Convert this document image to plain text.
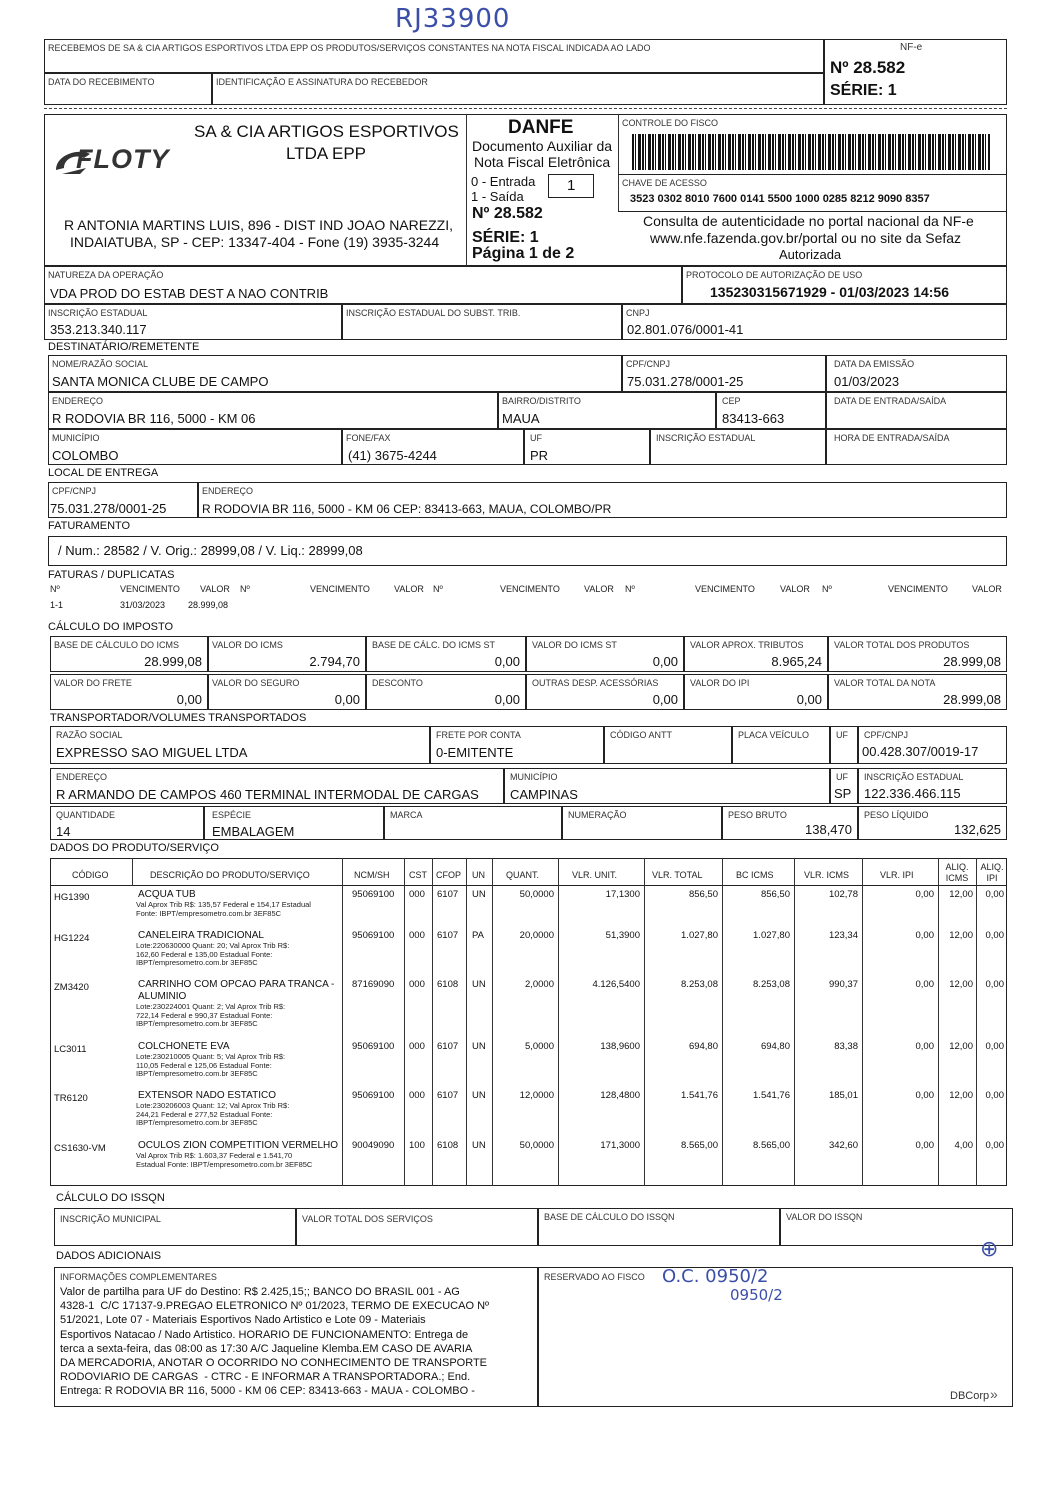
RJ33900
RECEBEMOS DE SA & CIA ARTIGOS ESPORTIVOS LTDA EPP OS PRODUTOS/SERVIÇOS CONSTANTES NA NOTA FISCAL INDICADA AO LADO
DATA DO RECEBIMENTO	IDENTIFICAÇÃO E ASSINATURA DO RECEBEDOR
NF-e
Nº 28.582
SÉRIE: 1
FLOTY
SA & CIA ARTIGOS ESPORTIVOS
LTDA EPP
R ANTONIA MARTINS LUIS, 896 - DIST IND JOAO NAREZZI,
INDAIATUBA, SP - CEP: 13347-404 - Fone (19) 3935-3244
DANFE
Documento Auxiliar da
Nota Fiscal Eletrônica
0 - Entrada
1 - Saída
1
Nº 28.582
SÉRIE: 1
Página 1 de 2
CONTROLE DO FISCO
CHAVE DE ACESSO
3523 0302 8010 7600 0141 5500 1000 0285 8212 9090 8357
Consulta de autenticidade no portal nacional da NF-e
www.nfe.fazenda.gov.br/portal ou no site da Sefaz
Autorizada
NATUREZA DA OPERAÇÃO
VDA PROD DO ESTAB DEST A NAO CONTRIB
PROTOCOLO DE AUTORIZAÇÃO DE USO
135230315671929 - 01/03/2023 14:56
INSCRIÇÃO ESTADUAL
353.213.340.117
INSCRIÇÃO ESTADUAL DO SUBST. TRIB.	CNPJ
02.801.076/0001-41
DESTINATÁRIO/REMETENTE
NOME/RAZÃO SOCIAL
SANTA MONICA CLUBE DE CAMPO
CPF/CNPJ
75.031.278/0001-25
DATA DA EMISSÃO
01/03/2023
ENDEREÇO
R RODOVIA BR 116, 5000 - KM 06
BAIRRO/DISTRITO
MAUA
CEP
83413-663
DATA DE ENTRADA/SAÍDA
MUNICÍPIO
COLOMBO
FONE/FAX
(41) 3675-4244
UF
PR
INSCRIÇÃO ESTADUAL	HORA DE ENTRADA/SAÍDA
LOCAL DE ENTREGA
CPF/CNPJ
75.031.278/0001-25
ENDEREÇO
R RODOVIA BR 116, 5000 - KM 06 CEP: 83413-663, MAUA, COLOMBO/PR
FATURAMENTO
/ Num.: 28582 / V. Orig.: 28999,08 / V. Liq.: 28999,08
FATURAS / DUPLICATAS
Nº	VENCIMENTO VALOR Nº	VENCIMENTO	VALOR Nº	VENCIMENTO	VALOR Nº	VENCIMENTO	VALOR Nº	VENCIMENTO	VALOR
1-1	31/03/2023	28.999,08
CÁLCULO DO IMPOSTO
BASE DE CÁLCULO DO ICMS
28.999,08
VALOR DO ICMS
2.794,70
BASE DE CÁLC. DO ICMS ST
0,00
VALOR DO ICMS ST
0,00
VALOR APROX. TRIBUTOS
8.965,24
VALOR TOTAL DOS PRODUTOS
28.999,08
VALOR DO FRETE
0,00
VALOR DO SEGURO
0,00
DESCONTO
0,00
OUTRAS DESP. ACESSÓRIAS
0,00
VALOR DO IPI
0,00
VALOR TOTAL DA NOTA
28.999,08
TRANSPORTADOR/VOLUMES TRANSPORTADOS
RAZÃO SOCIAL
EXPRESSO SAO MIGUEL LTDA
FRETE POR CONTA
0-EMITENTE
CÓDIGO ANTT	PLACA VEÍCULO	UF CPF/CNPJ
00.428.307/0019-17
ENDEREÇO
R ARMANDO DE CAMPOS 460 TERMINAL INTERMODAL DE CARGAS
MUNICÍPIO
CAMPINAS
UF
SP
INSCRIÇÃO ESTADUAL
122.336.466.115
QUANTIDADE
14
ESPÉCIE
EMBALAGEM
MARCA	NUMERAÇÃO	PESO BRUTO
138,470
PESO LÍQUIDO
132,625
DADOS DO PRODUTO/SERVIÇO
CÓDIGO	DESCRIÇÃO DO PRODUTO/SERVIÇO	NCM/SH CST CFOP UN QUANT.	VLR. UNIT.	VLR. TOTAL	BC ICMS	VLR. ICMS	VLR. IPI
ALIQ. ICMS
ALIQ. IPI
HG1390	ACQUA TUB
Val Aprox Trib R$: 135,57 Federal e 154,17 Estadual
Fonte: IBPT/empresometro.com.br 3EF85C
95069100 000 6107 UN	50,0000	17,1300	856,50	856,50	102,78	0,00	12,00	0,00
HG1224	CANELEIRA TRADICIONAL
Lote:220630000 Quant: 20; Val Aprox Trib R$:
162,60 Federal e 135,00 Estadual Fonte:
IBPT/empresometro.com.br 3EF85C
95069100 000 6107 PA	20,0000	51,3900	1.027,80	1.027,80	123,34	0,00	12,00	0,00
ZM3420	CARRINHO COM OPCAO PARA TRANCA -
ALUMINIO
Lote:230224001 Quant: 2; Val Aprox Trib R$:
722,14 Federal e 990,37 Estadual Fonte:
IBPT/empresometro.com.br 3EF85C
87169090 000 6108 UN	2,0000	4.126,5400	8.253,08	8.253,08	990,37	0,00	12,00	0,00
LC3011	COLCHONETE EVA
Lote:230210005 Quant: 5; Val Aprox Trib R$:
110,05 Federal e 125,06 Estadual Fonte:
IBPT/empresometro.com.br 3EF85C
95069100 000 6107 UN	5,0000	138,9600	694,80	694,80	83,38	0,00	12,00	0,00
TR6120	EXTENSOR NADO ESTATICO
Lote:230206003 Quant: 12; Val Aprox Trib R$:
244,21 Federal e 277,52 Estadual Fonte:
IBPT/empresometro.com.br 3EF85C
95069100 000 6107 UN	12,0000	128,4800	1.541,76	1.541,76	185,01	0,00	12,00	0,00
CS1630-VM	OCULOS ZION COMPETITION VERMELHO
Val Aprox Trib R$: 1.603,37 Federal e 1.541,70
Estadual Fonte: IBPT/empresometro.com.br 3EF85C
90049090 100 6108 UN	50,0000	171,3000	8.565,00	8.565,00	342,60	0,00	4,00	0,00
CÁLCULO DO ISSQN
INSCRIÇÃO MUNICIPAL	VALOR TOTAL DOS SERVIÇOS	BASE DE CÁLCULO DO ISSQN	VALOR DO ISSQN
DADOS ADICIONAIS	⊕
INFORMAÇÕES COMPLEMENTARES
Valor de partilha para UF do Destino: R$ 2.425,15;; BANCO DO BRASIL 001 - AG
4328-1  C/C 17137-9.PREGAO ELETRONICO Nº 01/2023, TERMO DE EXECUCAO Nº
51/2021, Lote 07 - Materiais Esportivos Nado Artistico e Lote 09 - Materiais
Esportivos Natacao / Nado Artistico. HORARIO DE FUNCIONAMENTO: Entrega de
terca a sexta-feira, das 08:00 as 17:30 A/C Jaqueline Klemba.EM CASO DE AVARIA
DA MERCADORIA, ANOTAR O OCORRIDO NO CONHECIMENTO DE TRANSPORTE
RODOVIARIO DE CARGAS  - CTRC - E INFORMAR A TRANSPORTADORA.; End.
Entrega: R RODOVIA BR 116, 5000 - KM 06 CEP: 83413-663 - MAUA - COLOMBO -
RESERVADO AO FISCO O.C. 0950/2
0950/2
DBCorp »
